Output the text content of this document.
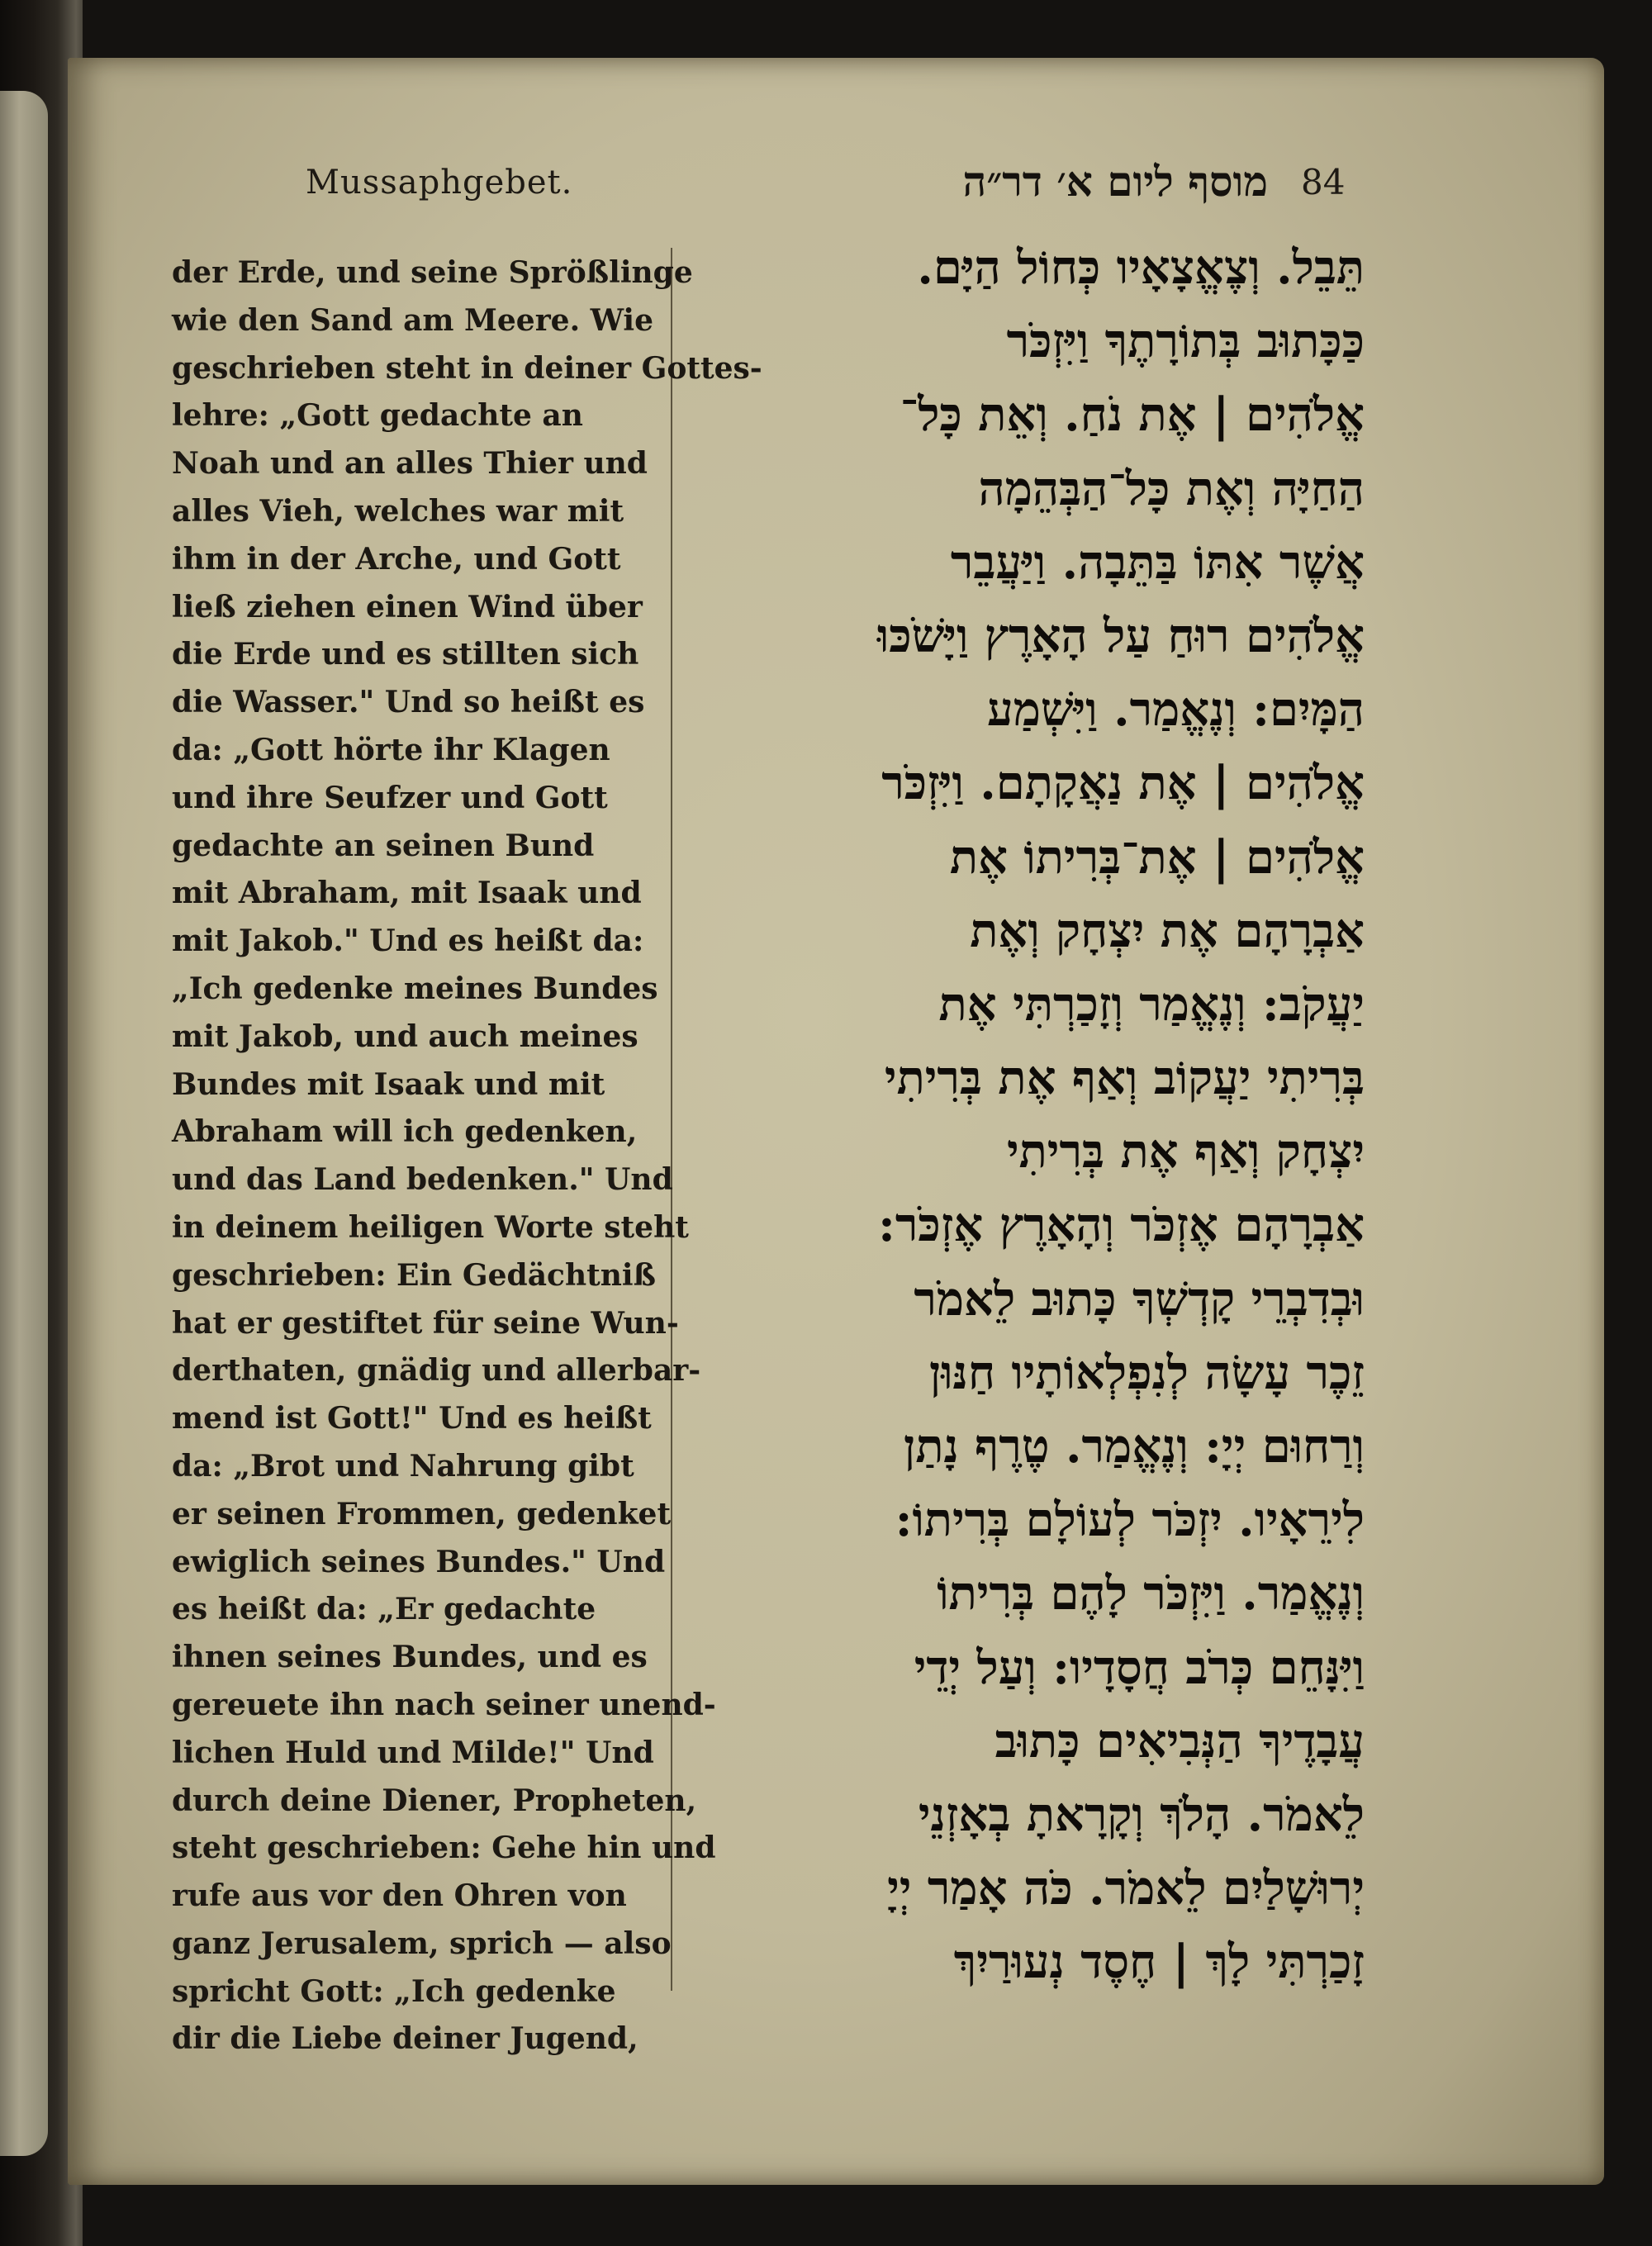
Mussaphgebet.	מוסף ליום א׳ דר״ה 84
der Erde, und seine Sprößlinge
wie den Sand am Meere. Wie
geschrieben steht in deiner Gottes-
lehre: „Gott gedachte an
Noah und an alles Thier und
alles Vieh, welches war mit
ihm in der Arche, und Gott
ließ ziehen einen Wind über
die Erde und es stillten sich
die Wasser." Und so heißt es
da: „Gott hörte ihr Klagen
und ihre Seufzer und Gott
gedachte an seinen Bund
mit Abraham, mit Isaak und
mit Jakob." Und es heißt da:
„Ich gedenke meines Bundes
mit Jakob, und auch meines
Bundes mit Isaak und mit
Abraham will ich gedenken,
und das Land bedenken." Und
in deinem heiligen Worte steht
geschrieben: Ein Gedächtniß
hat er gestiftet für seine Wun-
derthaten, gnädig und allerbar-
mend ist Gott!" Und es heißt
da: „Brot und Nahrung gibt
er seinen Frommen, gedenket
ewiglich seines Bundes." Und
es heißt da: „Er gedachte
ihnen seines Bundes, und es
gereuete ihn nach seiner unend-
lichen Huld und Milde!" Und
durch deine Diener, Propheten,
steht geschrieben: Gehe hin und
rufe aus vor den Ohren von
ganz Jerusalem, sprich — also
spricht Gott: „Ich gedenke
dir die Liebe deiner Jugend,
תֵּבֵל. וְצֶאֱצָאָיו כְּחוֹל הַיָּם.
כַּכָּתוּב בְּתוֹרָתֶךָ וַיִּזְכֹּר
אֱלֹהִים | אֶת נֹחַ. וְאֵת כָּל־
הַחַיָּה וְאֶת כָּל־הַבְּהֵמָה
אֲשֶׁר אִתּוֹ בַּתֵּבָה. וַיַּעֲבֵר
אֱלֹהִים רוּחַ עַל הָאָרֶץ וַיָּשֹׁכּוּ
הַמָּיִם: וְנֶאֱמַר. וַיִּשְׁמַע
אֱלֹהִים | אֶת נַאֲקָתָם. וַיִּזְכֹּר
אֱלֹהִים | אֶת־בְּרִיתוֹ אֶת
אַבְרָהָם אֶת יִצְחָק וְאֶת
יַעֲקֹב: וְנֶאֱמַר וְזָכַרְתִּי אֶת
בְּרִיתִי יַעֲקוֹב וְאַף אֶת בְּרִיתִי
יִצְחָק וְאַף אֶת בְּרִיתִי
אַבְרָהָם אֶזְכֹּר וְהָאָרֶץ אֶזְכֹּר:
וּבְדִבְרֵי קָדְשְׁךָ כָּתוּב לֵאמֹר
זֵכֶר עָשָׂה לְנִפְלְאוֹתָיו חַנּוּן
וְרַחוּם יְיָ: וְנֶאֱמַר. טֶרֶף נָתַן
לִירֵאָיו. יִזְכֹּר לְעוֹלָם בְּרִיתוֹ:
וְנֶאֱמַר. וַיִּזְכֹּר לָהֶם בְּרִיתוֹ
וַיִּנָּחֵם כְּרֹב חֲסָדָיו: וְעַל יְדֵי
עֲבָדֶיךָ הַנְּבִיאִים כָּתוּב
לֵאמֹר. הָלֹךְ וְקָרָאתָ בְאָזְנֵי
יְרוּשָׁלַיִם לֵאמֹר. כֹּה אָמַר יְיָ
זָכַרְתִּי לָךְ | חֶסֶד נְעוּרַיִךְ
